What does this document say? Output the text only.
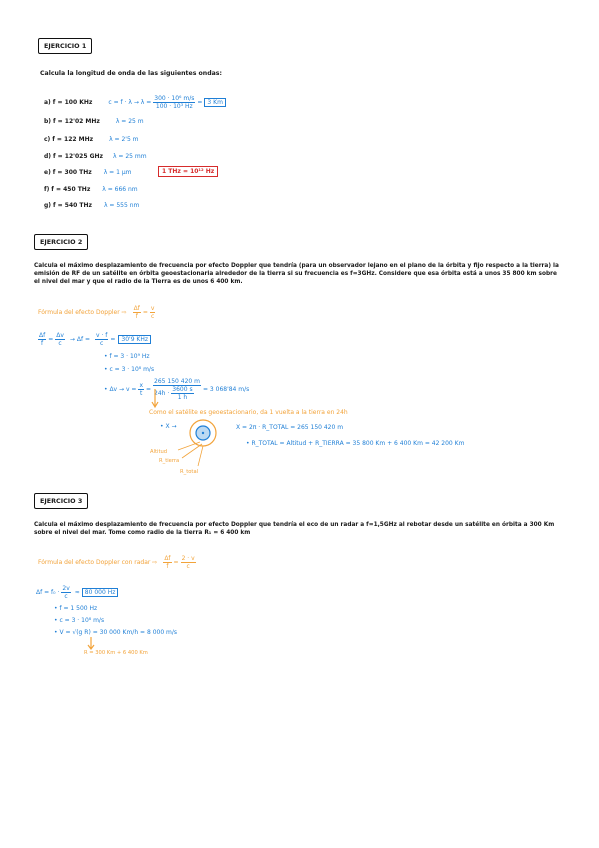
EJERCICIO 1
Calcula la longitud de onda de las siguientes ondas:
a) f = 100 KHz	$c = f \cdot \lambda \to \lambda = \frac{\text{300 · 10⁶ m/s}}{\text{100 · 10³ Hz}} = 3$ Km
b) f = 12'02 MHz	λ = 25 m
c) f = 122 MHz	λ = 2'5 m
d) f = 12'025 GHz λ = 25 mm
e) f = 300 THz λ = 1 μm	1 THz = 10¹² Hz
f) f = 450 THz λ = 666 nm
g) f = 540 THz λ = 555 nm
EJERCICIO 2
Calcula el máximo desplazamiento de frecuencia por efecto Doppler que tendría (para un observador lejano en el plano de la órbita y fijo respecto a la tierra) la emisión de RF de un satélite en órbita geoestacionaria alrededor de la tierra si su frecuencia es f=3GHz. Considere que esa órbita está a unos 35 800 km sobre el nivel del mar y que el radio de la Tierra es de unos 6 400 km.
Fórmula del efecto Doppler ⇨ $\frac{\Delta f}{f} = \frac{v}{c}$
$\frac{\Delta f}{f} = \frac{\Delta v}{c} \to \Delta f = \frac{v \cdot f}{c}$ =	30'9 KHz
• f = 3 · 10⁹ Hz
• c = 3 · 10⁸ m/s
• $\Delta v \to v = \frac{x}{t} = \frac{265 150 420 m}{24h \cdot \frac{3600 s}{1 h}} = 3$ 068'84 m/s
Como el satélite es geoestacionario, da 1 vuelta a la tierra en 24h
• X →
Altitud
R_tierra
R_total
X = 2π · R_TOTAL = 265 150 420 m
• R_TOTAL = Altitud + R_TIERRA = 35 800 Km + 6 400 Km = 42 200 Km
EJERCICIO 3
Calcula el máximo desplazamiento de frecuencia por efecto Doppler que tendría el eco de un radar a f=1,5GHz al rebotar desde un satélite en órbita a 300 Km sobre el nivel del mar. Tome como radio de la tierra R₁ = 6 400 km
Fórmula del efecto Doppler con radar ⇨ $\frac{\Delta f}{f} = \frac{2 \cdot v}{c}$
$\Delta f = f_0 \cdot \frac{2v}{c} \approx 80$ 000 Hz
• f = 1 500 Hz
• c = 3 · 10⁸ m/s
• V = √(g R) = 30 000 Km/h = 8 000 m/s
R = 300 Km + 6 400 Km
